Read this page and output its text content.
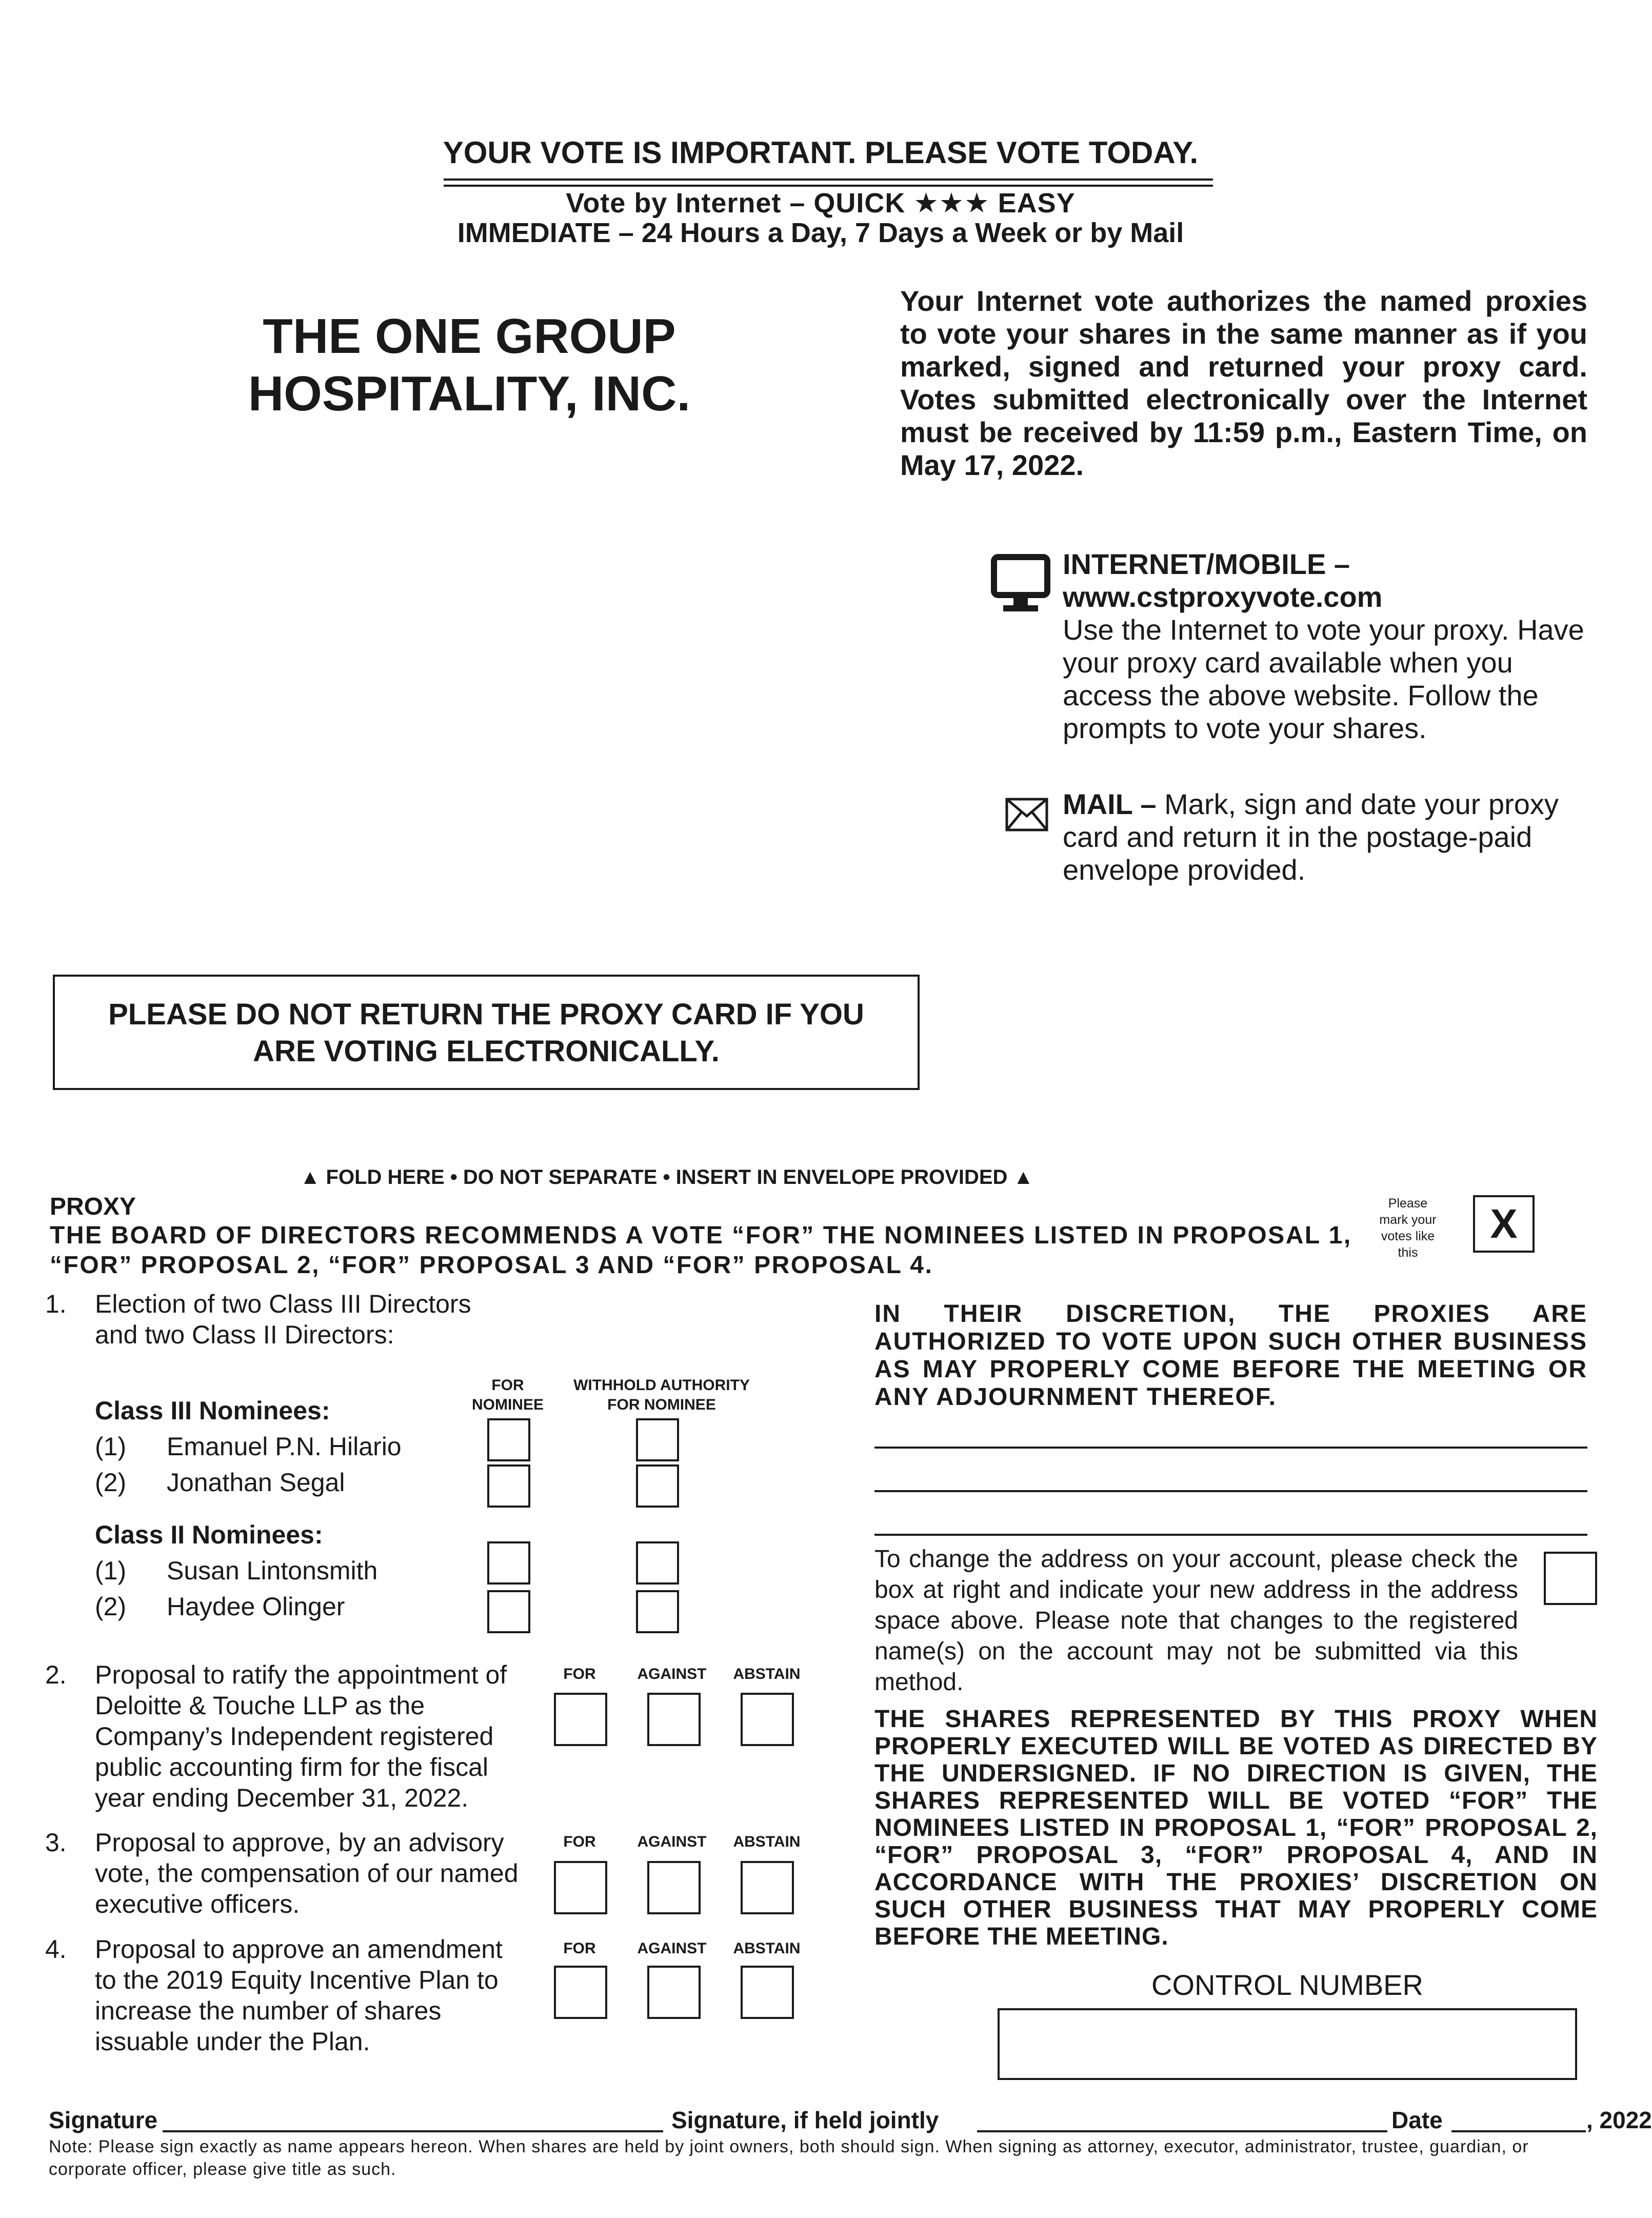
YOUR VOTE IS IMPORTANT. PLEASE VOTE TODAY.
Vote by Internet – QUICK ★★★ EASY
IMMEDIATE – 24 Hours a Day, 7 Days a Week or by Mail
THE ONE GROUP
HOSPITALITY, INC.
Your Internet vote authorizes the named proxies to vote your shares in the same manner as if you marked, signed and returned your proxy card. Votes submitted electronically over the Internet must be received by 11:59 p.m., Eastern Time, on May 17, 2022.
INTERNET/MOBILE –
www.cstproxyvote.com
Use the Internet to vote your proxy. Have your proxy card available when you access the above website. Follow the prompts to vote your shares.
MAIL – Mark, sign and date your proxy card and return it in the postage-paid envelope provided.
PLEASE DO NOT RETURN THE PROXY CARD IF YOU ARE VOTING ELECTRONICALLY.
▲ FOLD HERE • DO NOT SEPARATE • INSERT IN ENVELOPE PROVIDED ▲
PROXY
THE BOARD OF DIRECTORS RECOMMENDS A VOTE “FOR” THE NOMINEES LISTED IN PROPOSAL 1, “FOR” PROPOSAL 2, “FOR” PROPOSAL 3 AND “FOR” PROPOSAL 4.
Please mark your votes like this
X
1. Election of two Class III Directors and two Class II Directors:
FOR NOMINEE
WITHHOLD AUTHORITY FOR NOMINEE
Class III Nominees:
(1) Emanuel P.N. Hilario
(2) Jonathan Segal
Class II Nominees:
(1) Susan Lintonsmith
(2) Haydee Olinger
2. Proposal to ratify the appointment of Deloitte & Touche LLP as the Company’s Independent registered public accounting firm for the fiscal year ending December 31, 2022.
FOR	AGAINST	ABSTAIN
3. Proposal to approve, by an advisory vote, the compensation of our named executive officers.
FOR	AGAINST	ABSTAIN
4. Proposal to approve an amendment to the 2019 Equity Incentive Plan to increase the number of shares issuable under the Plan.
FOR	AGAINST	ABSTAIN
IN THEIR DISCRETION, THE PROXIES ARE AUTHORIZED TO VOTE UPON SUCH OTHER BUSINESS AS MAY PROPERLY COME BEFORE THE MEETING OR ANY ADJOURNMENT THEREOF.
To change the address on your account, please check the box at right and indicate your new address in the address space above. Please note that changes to the registered name(s) on the account may not be submitted via this method.
THE SHARES REPRESENTED BY THIS PROXY WHEN PROPERLY EXECUTED WILL BE VOTED AS DIRECTED BY THE UNDERSIGNED. IF NO DIRECTION IS GIVEN, THE SHARES REPRESENTED WILL BE VOTED “FOR” THE NOMINEES LISTED IN PROPOSAL 1, “FOR” PROPOSAL 2, “FOR” PROPOSAL 3, “FOR” PROPOSAL 4, AND IN ACCORDANCE WITH THE PROXIES’ DISCRETION ON SUCH OTHER BUSINESS THAT MAY PROPERLY COME BEFORE THE MEETING.
CONTROL NUMBER
Signature	Signature, if held jointly	Date	, 2022
Note: Please sign exactly as name appears hereon. When shares are held by joint owners, both should sign. When signing as attorney, executor, administrator, trustee, guardian, or corporate officer, please give title as such.
